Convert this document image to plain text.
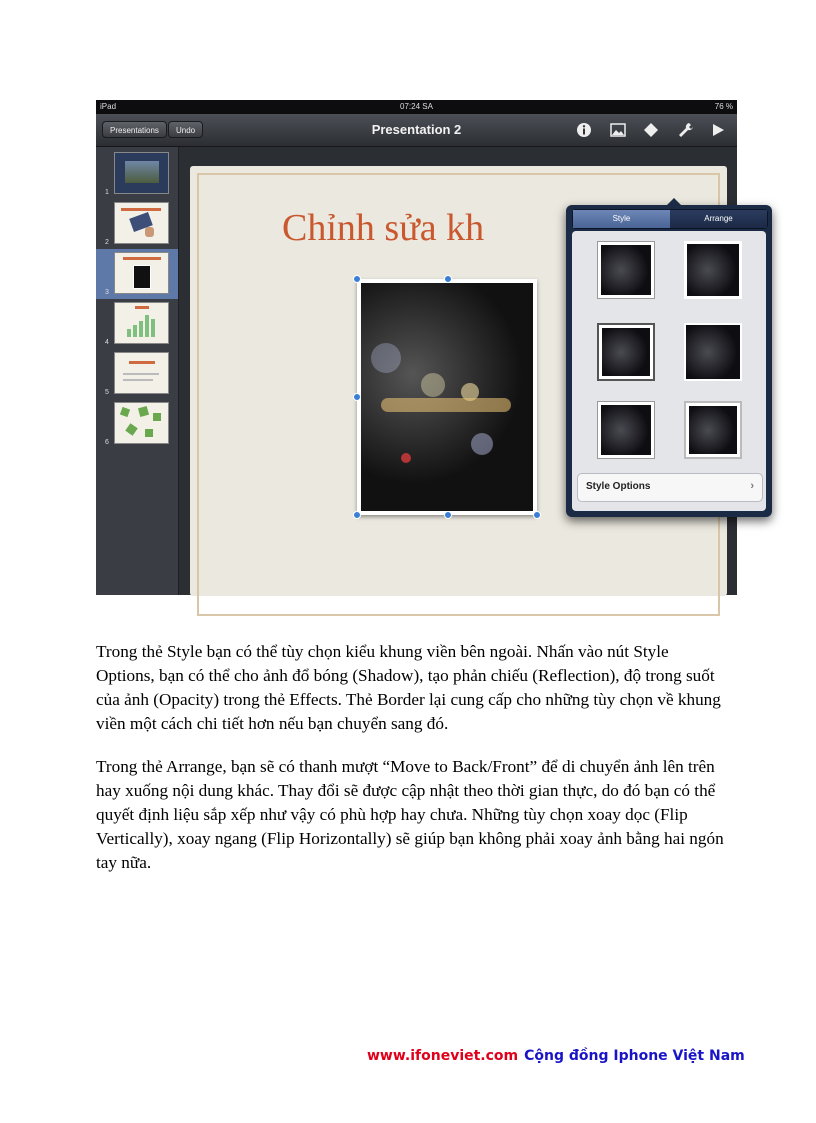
iPad	07:24 SA	76 %
Presentations	Undo	Presentation 2
1
2
3
4
5
6
Chỉnh sửa kh	Style	Arrange
Style Options	›

Trong thẻ Style bạn có thể tùy chọn kiểu khung viền bên ngoài. Nhấn vào nút Style Options, bạn có thể cho ảnh đổ bóng (Shadow), tạo phản chiếu (Reflection), độ trong suốt của ảnh (Opacity) trong thẻ Effects. Thẻ Border lại cung cấp cho những tùy chọn về khung viền một cách chi tiết hơn nếu bạn chuyển sang đó.

Trong thẻ Arrange, bạn sẽ có thanh mượt “Move to Back/Front” để di chuyển ảnh lên trên hay xuống nội dung khác. Thay đổi sẽ được cập nhật theo thời gian thực, do đó bạn có thể quyết định liệu sắp xếp như vậy có phù hợp hay chưa. Những tùy chọn xoay dọc (Flip Vertically), xoay ngang (Flip Horizontally) sẽ giúp bạn không phải xoay ảnh bằng hai ngón tay nữa.

www.ifoneviet.com Cộng đồng Iphone Việt Nam
